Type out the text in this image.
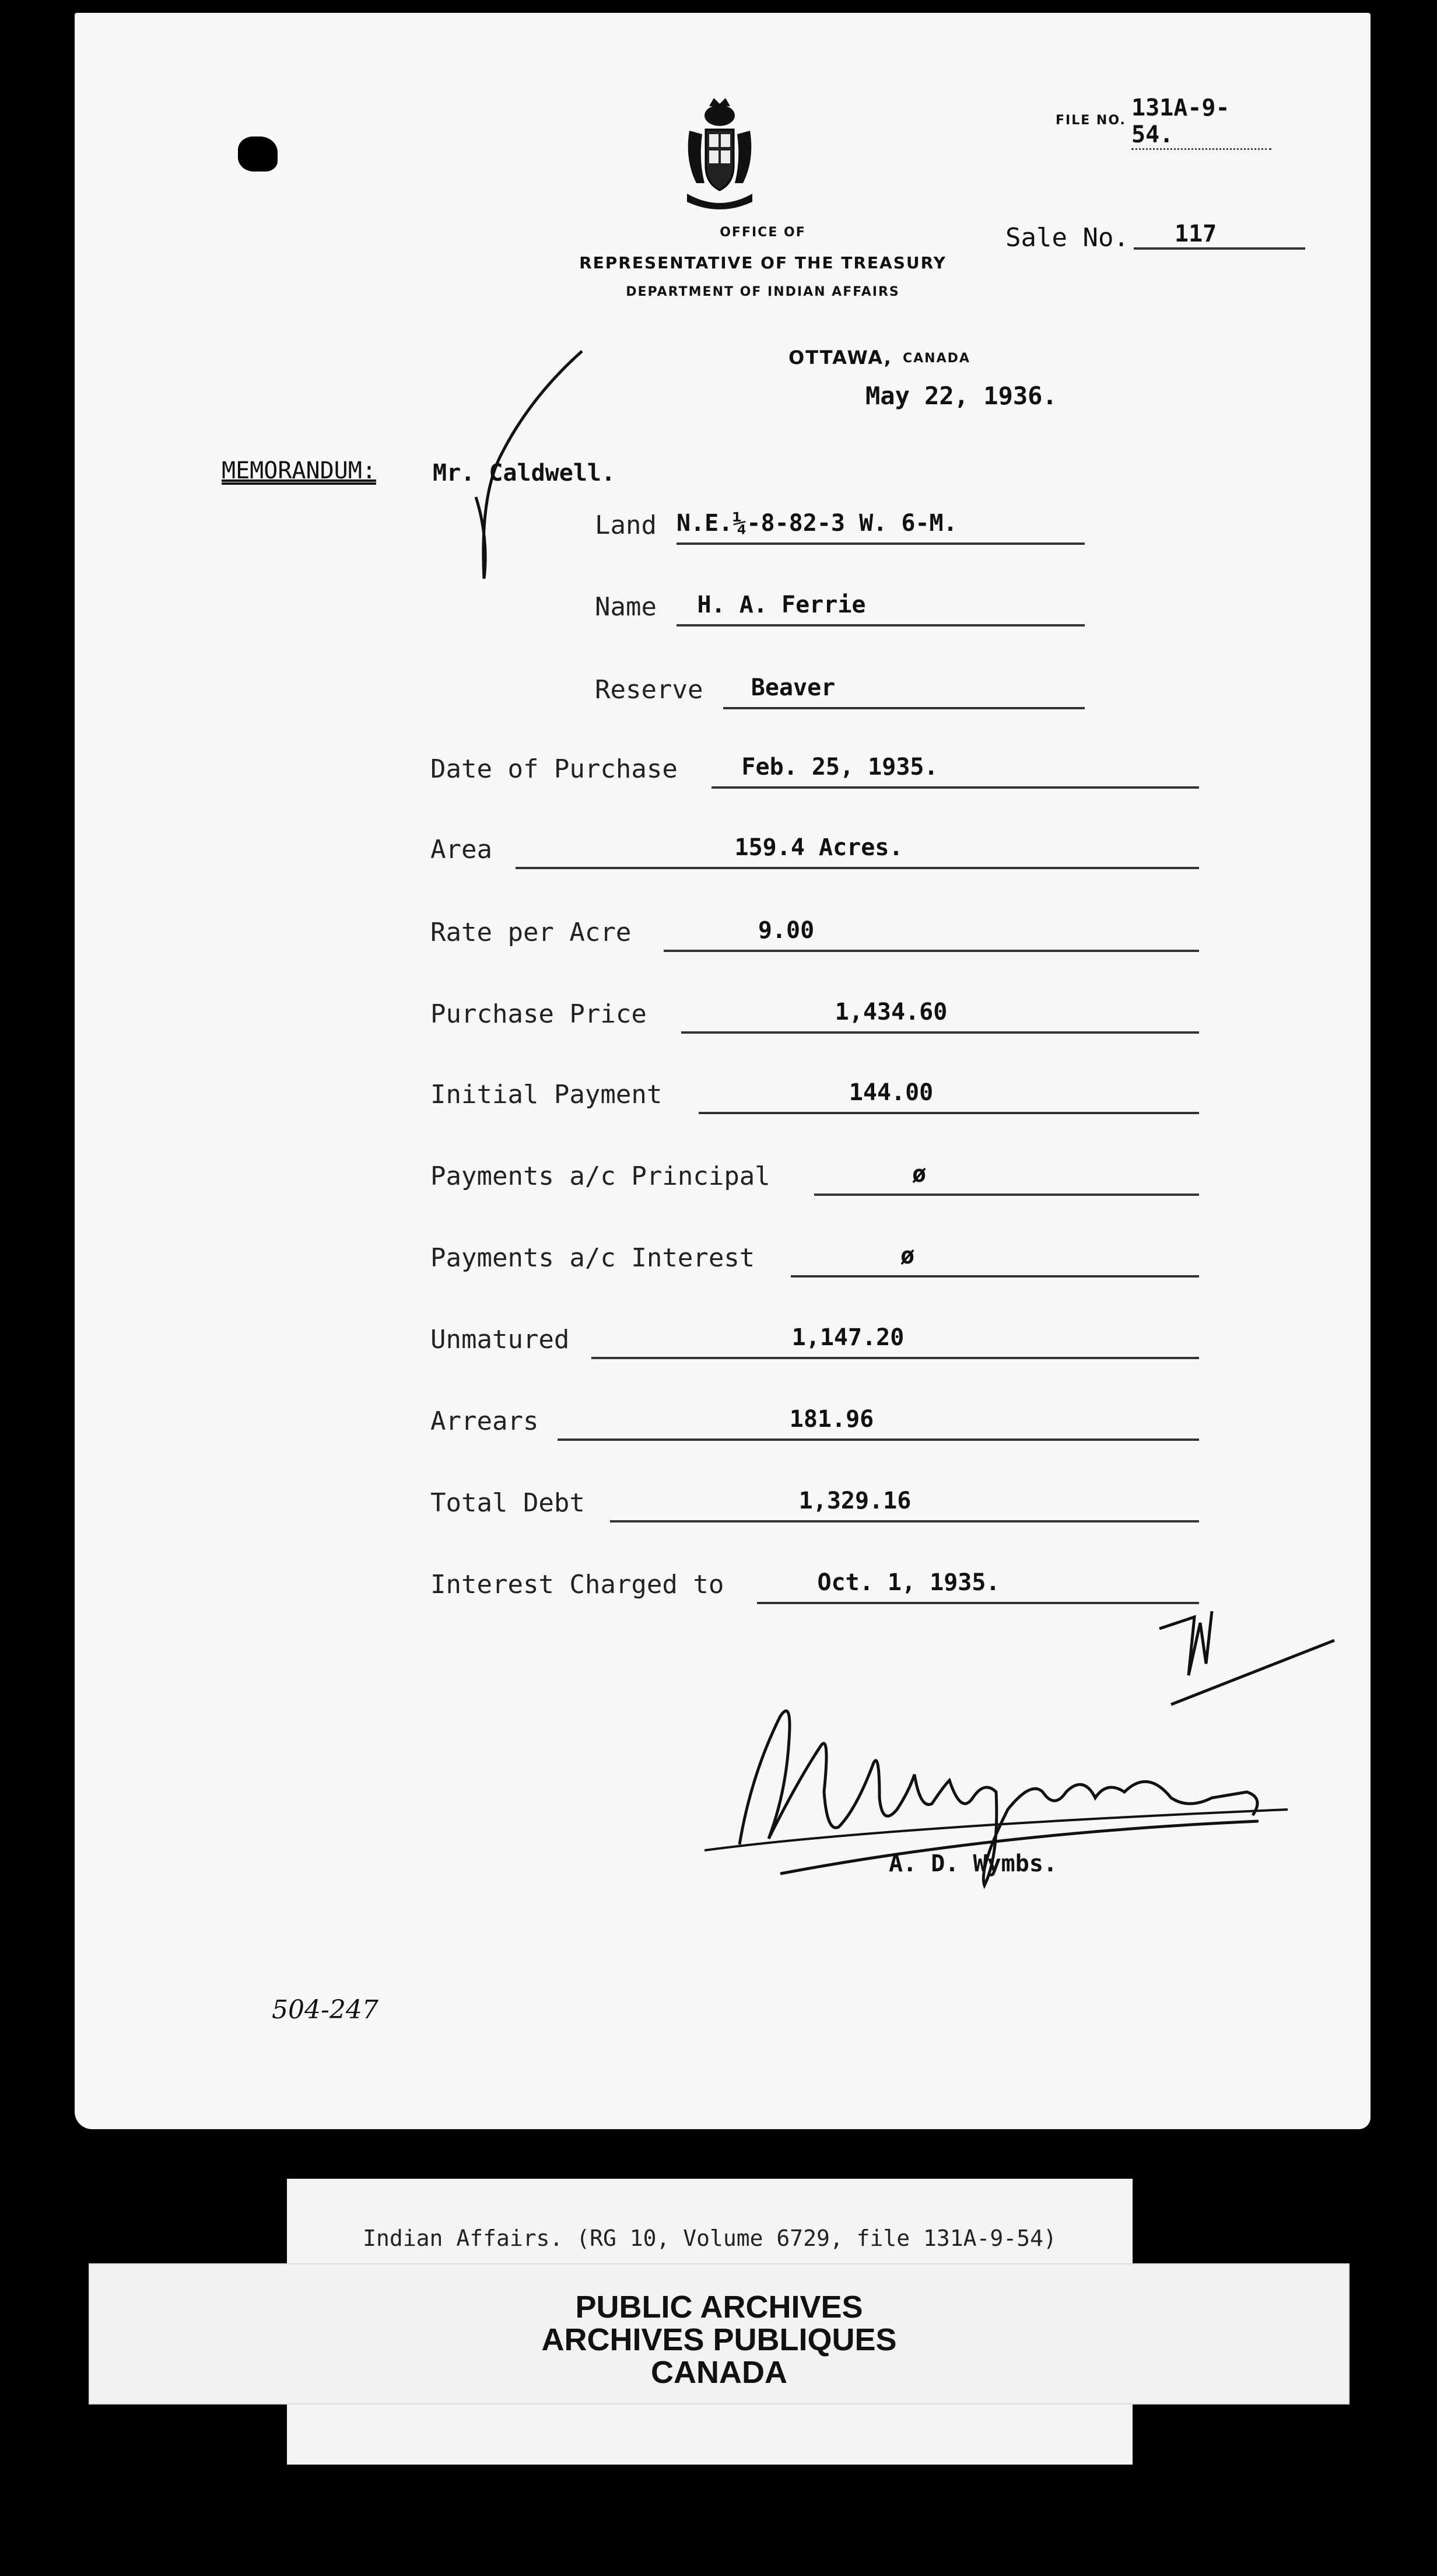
OFFICE OF
REPRESENTATIVE OF THE TREASURY
DEPARTMENT OF INDIAN AFFAIRS
FILE NO. 131A-9-54.
Sale No.	117
OTTAWA, CANADA
May 22, 1936.
MEMORANDUM: Mr. Caldwell.
Land N.E.¼-8-82-3 W. 6-M.
Name	H. A. Ferrie
Reserve	Beaver
Date of Purchase	Feb. 25, 1935.
Area	159.4 Acres.
Rate per Acre	9.00
Purchase Price	1,434.60
Initial Payment	144.00
Payments a/c Principal	ø
Payments a/c Interest	ø
Unmatured	1,147.20
Arrears	181.96
Total Debt	1,329.16
Interest Charged to	Oct. 1, 1935.
A. D. Wymbs.
504-247
Indian Affairs. (RG 10, Volume 6729, file 131A-9-54)
PUBLIC ARCHIVES
ARCHIVES PUBLIQUES
CANADA
